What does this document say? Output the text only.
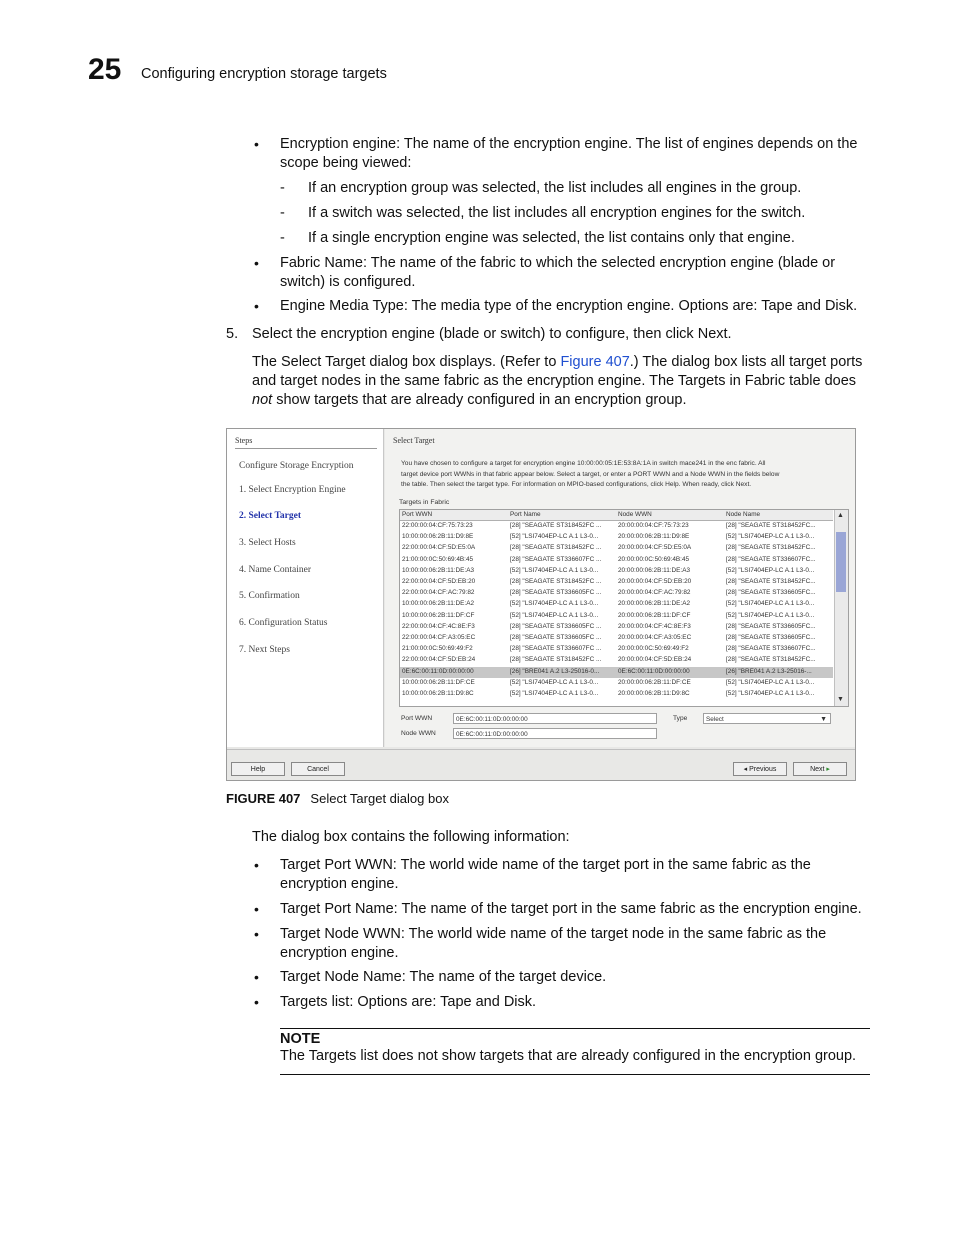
25 Configuring encryption storage targets
• Encryption engine: The name of the encryption engine. The list of engines depends on the
scope being viewed:
- If an encryption group was selected, the list includes all engines in the group.
- If a switch was selected, the list includes all encryption engines for the switch.
- If a single encryption engine was selected, the list contains only that engine.
• Fabric Name: The name of the fabric to which the selected encryption engine (blade or
switch) is configured.
• Engine Media Type: The media type of the encryption engine. Options are: Tape and Disk.
5. Select the encryption engine (blade or switch) to configure, then click Next.
The Select Target dialog box displays. (Refer to Figure 407.) The dialog box lists all target ports
and target nodes in the same fabric as the encryption engine. The Targets in Fabric table does
not show targets that are already configured in an encryption group.
Steps
Configure Storage Encryption
1. Select Encryption Engine
2. Select Target
3. Select Hosts
4. Name Container
5. Confirmation
6. Configuration Status
7. Next Steps
Select Target
You have chosen to configure a target for encryption engine 10:00:00:05:1E:53:8A:1A in switch mace241 in the enc fabric. All
target device port WWNs in that fabric appear below. Select a target, or enter a PORT WWN and a Node WWN in the fields below
the table. Then select the target type. For information on MPIO-based configurations, click Help. When ready, click Next.
Targets in Fabric
Port WWN	Port Name	Node WWN	Node Name
22:00:00:04:CF:75:73:23	[28] "SEAGATE ST318452FC ...	20:00:00:04:CF:75:73:23	[28] "SEAGATE ST318452FC...
10:00:00:06:2B:11:D9:8E	[52] "LSI7404EP-LC A.1 L3-0...	20:00:00:06:2B:11:D9:8E	[52] "LSI7404EP-LC A.1 L3-0...
22:00:00:04:CF:5D:E5:0A	[28] "SEAGATE ST318452FC ...	20:00:00:04:CF:5D:E5:0A	[28] "SEAGATE ST318452FC...
21:00:00:0C:50:69:4B:45	[28] "SEAGATE ST336607FC ...	20:00:00:0C:50:69:4B:45	[28] "SEAGATE ST336607FC...
10:00:00:06:2B:11:DE:A3	[52] "LSI7404EP-LC A.1 L3-0...	20:00:00:06:2B:11:DE:A3	[52] "LSI7404EP-LC A.1 L3-0...
22:00:00:04:CF:5D:EB:20	[28] "SEAGATE ST318452FC ...	20:00:00:04:CF:5D:EB:20	[28] "SEAGATE ST318452FC...
22:00:00:04:CF:AC:79:82	[28] "SEAGATE ST336605FC ...	20:00:00:04:CF:AC:79:82	[28] "SEAGATE ST336605FC...
10:00:00:06:2B:11:DE:A2	[52] "LSI7404EP-LC A.1 L3-0...	20:00:00:06:2B:11:DE:A2	[52] "LSI7404EP-LC A.1 L3-0...
10:00:00:06:2B:11:DF:CF	[52] "LSI7404EP-LC A.1 L3-0...	20:00:00:06:2B:11:DF:CF	[52] "LSI7404EP-LC A.1 L3-0...
22:00:00:04:CF:4C:8E:F3	[28] "SEAGATE ST336605FC ...	20:00:00:04:CF:4C:8E:F3	[28] "SEAGATE ST336605FC...
22:00:00:04:CF:A3:05:EC	[28] "SEAGATE ST336605FC ...	20:00:00:04:CF:A3:05:EC	[28] "SEAGATE ST336605FC...
21:00:00:0C:50:69:49:F2	[28] "SEAGATE ST336607FC ...	20:00:00:0C:50:69:49:F2	[28] "SEAGATE ST336607FC...
22:00:00:04:CF:5D:EB:24	[28] "SEAGATE ST318452FC ...	20:00:00:04:CF:5D:EB:24	[28] "SEAGATE ST318452FC...
0E:6C:00:11:0D:00:00:00	[26] "BRE041 A.2 L3-25016-0...	0E:6C:00:11:0D:00:00:00	[26] "BRE041 A.2 L3-25016-...
10:00:00:06:2B:11:DF:CE	[52] "LSI7404EP-LC A.1 L3-0...	20:00:00:06:2B:11:DF:CE	[52] "LSI7404EP-LC A.1 L3-0...
10:00:00:06:2B:11:D9:8C	[52] "LSI7404EP-LC A.1 L3-0...	20:00:00:06:2B:11:D9:8C	[52] "LSI7404EP-LC A.1 L3-0...
▲
▼
Port WWN	0E:6C:00:11:0D:00:00:00
Node WWN	0E:6C:00:11:0D:00:00:00
Type	Select	▼
Help	Cancel	◂ Previous	Next ▸
FIGURE 407 Select Target dialog box
The dialog box contains the following information:
• Target Port WWN: The world wide name of the target port in the same fabric as the
encryption engine.
• Target Port Name: The name of the target port in the same fabric as the encryption engine.
• Target Node WWN: The world wide name of the target node in the same fabric as the
encryption engine.
• Target Node Name: The name of the target device.
• Targets list: Options are: Tape and Disk.
NOTE
The Targets list does not show targets that are already configured in the encryption group.
